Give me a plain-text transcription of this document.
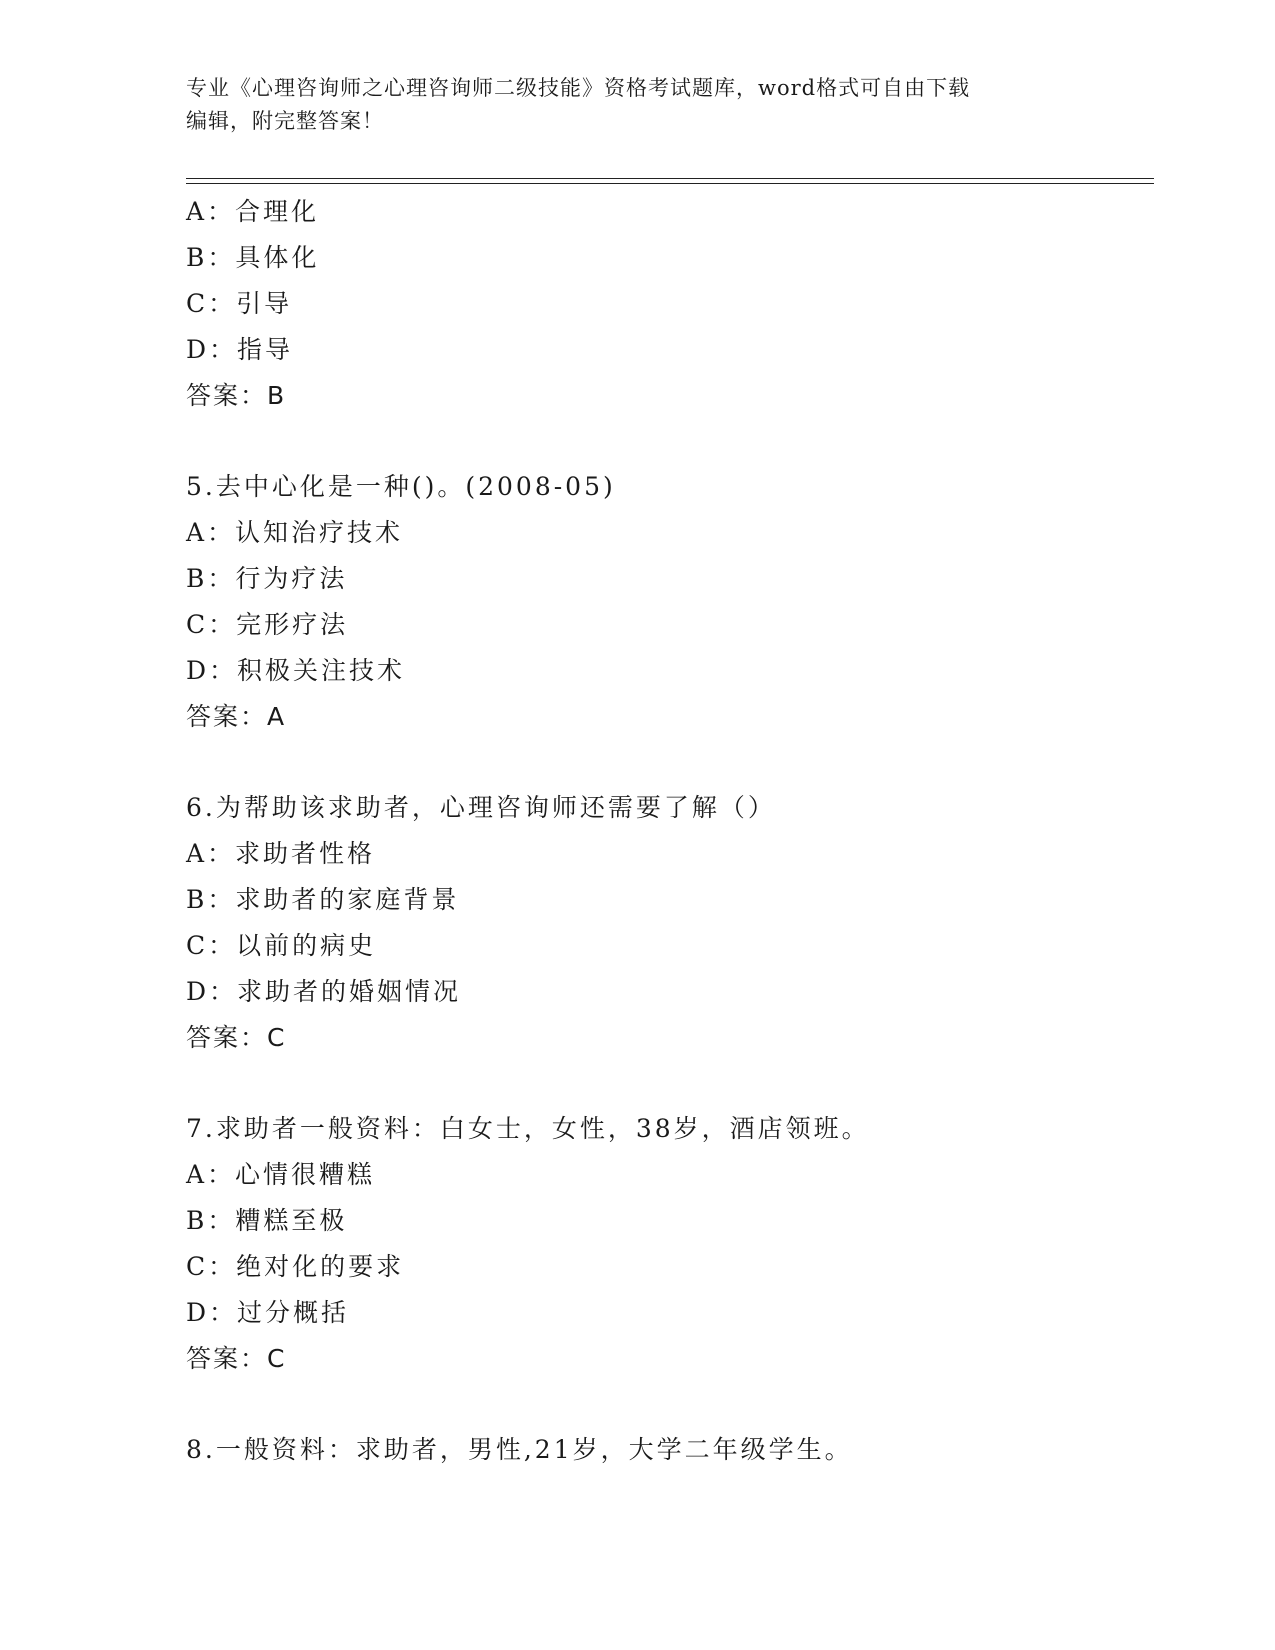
专业《心理咨询师之心理咨询师二级技能》资格考试题库，word格式可自由下载
编辑，附完整答案！
A：合理化
B：具体化
C：引导
D：指导
答案：B
5.去中心化是一种()。(2008-05)
A：认知治疗技术
B：行为疗法
C：完形疗法
D：积极关注技术
答案：A
6.为帮助该求助者，心理咨询师还需要了解（）
A：求助者性格
B：求助者的家庭背景
C：以前的病史
D：求助者的婚姻情况
答案：C
7.求助者一般资料：白女士，女性，38岁，酒店领班。
A：心情很糟糕
B：糟糕至极
C：绝对化的要求
D：过分概括
答案：C
8.一般资料：求助者，男性,21岁，大学二年级学生。
